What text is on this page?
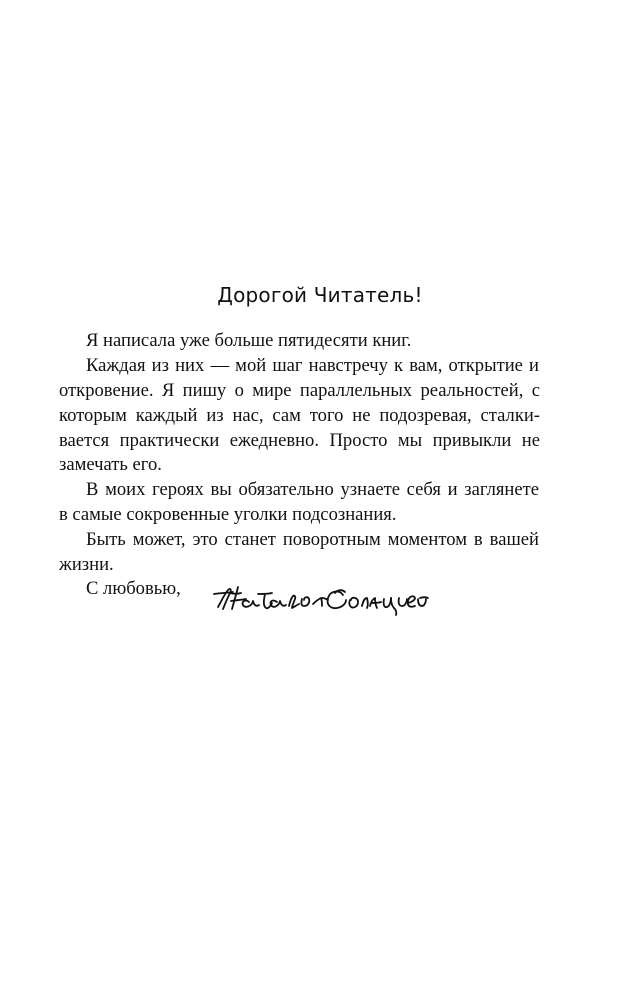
Дорогой Читатель!
Я написала уже больше пятидесяти книг.
Каждая из них — мой шаг навстречу к вам, открытие и
откровение. Я пишу о мире параллельных реальностей, с
которым каждый из нас, сам того не подозревая, сталки-
вается практически ежедневно. Просто мы привыкли не
замечать его.
В моих героях вы обязательно узнаете себя и заглянете
в самые сокровенные уголки подсознания.
Быть может, это станет поворотным моментом в вашей
жизни.
С любовью,
